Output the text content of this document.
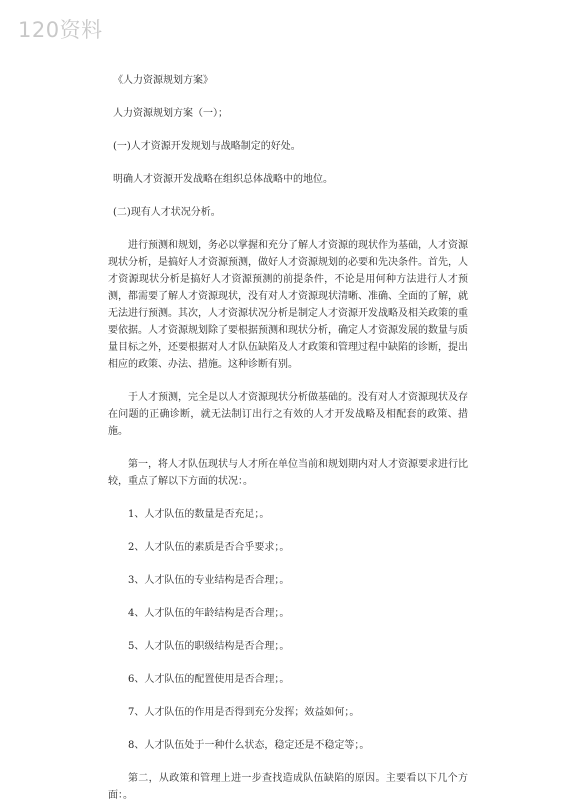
120资料

《人力资源规划方案》

人力资源规划方案（一）；

(一)人才资源开发规划与战略制定的好处。

明确人才资源开发战略在组织总体战略中的地位。

(二)现有人才状况分析。

进行预测和规划，务必以掌握和充分了解人才资源的现状作为基础，人才资源现状分析，是搞好人才资源预测，做好人才资源规划的必要和先决条件。首先，人才资源现状分析是搞好人才资源预测的前提条件，不论是用何种方法进行人才预测，都需要了解人才资源现状，没有对人才资源现状清晰、准确、全面的了解，就无法进行预测。其次，人才资源状况分析是制定人才资源开发战略及相关政策的重要依据。人才资源规划除了要根据预测和现状分析，确定人才资源发展的数量与质量目标之外，还要根据对人才队伍缺陷及人才政策和管理过程中缺陷的诊断，提出相应的政策、办法、措施。这种诊断有别。

于人才预测，完全是以人才资源现状分析做基础的。没有对人才资源现状及存在问题的正确诊断，就无法制订出行之有效的人才开发战略及相配套的政策、措施。

第一，将人才队伍现状与人才所在单位当前和规划期内对人才资源要求进行比较，重点了解以下方面的状况：。

1、人才队伍的数量是否充足；。

2、人才队伍的素质是否合乎要求；。

3、人才队伍的专业结构是否合理；。

4、人才队伍的年龄结构是否合理；。

5、人才队伍的职级结构是否合理；。

6、人才队伍的配置使用是否合理；。

7、人才队伍的作用是否得到充分发挥；效益如何；。

8、人才队伍处于一种什么状态，稳定还是不稳定等；。

第二，从政策和管理上进一步查找造成队伍缺陷的原因。主要看以下几个方面：。
